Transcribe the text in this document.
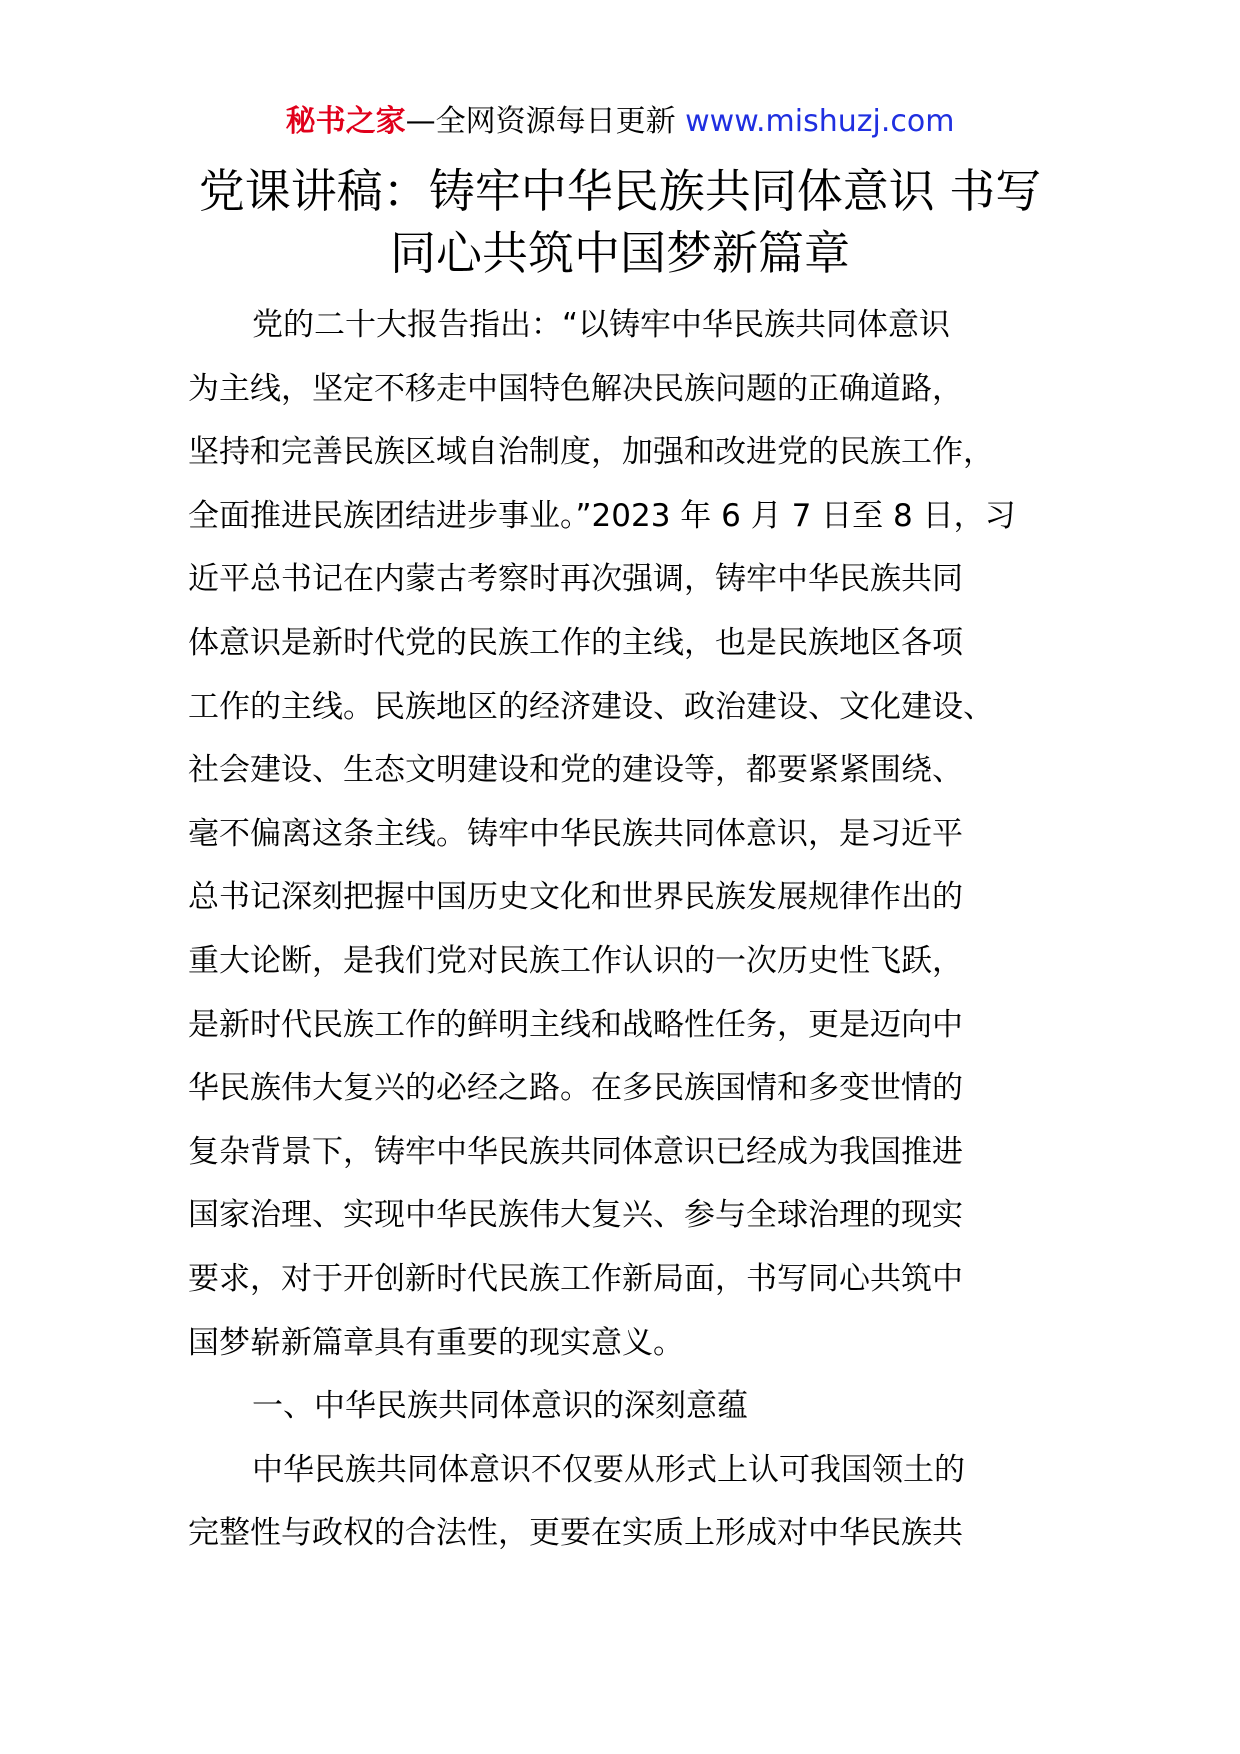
秘书之家—全网资源每日更新 www.mishuzj.com
党课讲稿：铸牢中华民族共同体意识 书写
同心共筑中国梦新篇章
党的二十大报告指出：“以铸牢中华民族共同体意识
为主线，坚定不移走中国特色解决民族问题的正确道路，
坚持和完善民族区域自治制度，加强和改进党的民族工作，
全面推进民族团结进步事业。”2023 年 6 月 7 日至 8 日，习
近平总书记在内蒙古考察时再次强调，铸牢中华民族共同
体意识是新时代党的民族工作的主线，也是民族地区各项
工作的主线。民族地区的经济建设、政治建设、文化建设、
社会建设、生态文明建设和党的建设等，都要紧紧围绕、
毫不偏离这条主线。铸牢中华民族共同体意识，是习近平
总书记深刻把握中国历史文化和世界民族发展规律作出的
重大论断，是我们党对民族工作认识的一次历史性飞跃，
是新时代民族工作的鲜明主线和战略性任务，更是迈向中
华民族伟大复兴的必经之路。在多民族国情和多变世情的
复杂背景下，铸牢中华民族共同体意识已经成为我国推进
国家治理、实现中华民族伟大复兴、参与全球治理的现实
要求，对于开创新时代民族工作新局面，书写同心共筑中
国梦崭新篇章具有重要的现实意义。
一、中华民族共同体意识的深刻意蕴
中华民族共同体意识不仅要从形式上认可我国领土的
完整性与政权的合法性，更要在实质上形成对中华民族共
